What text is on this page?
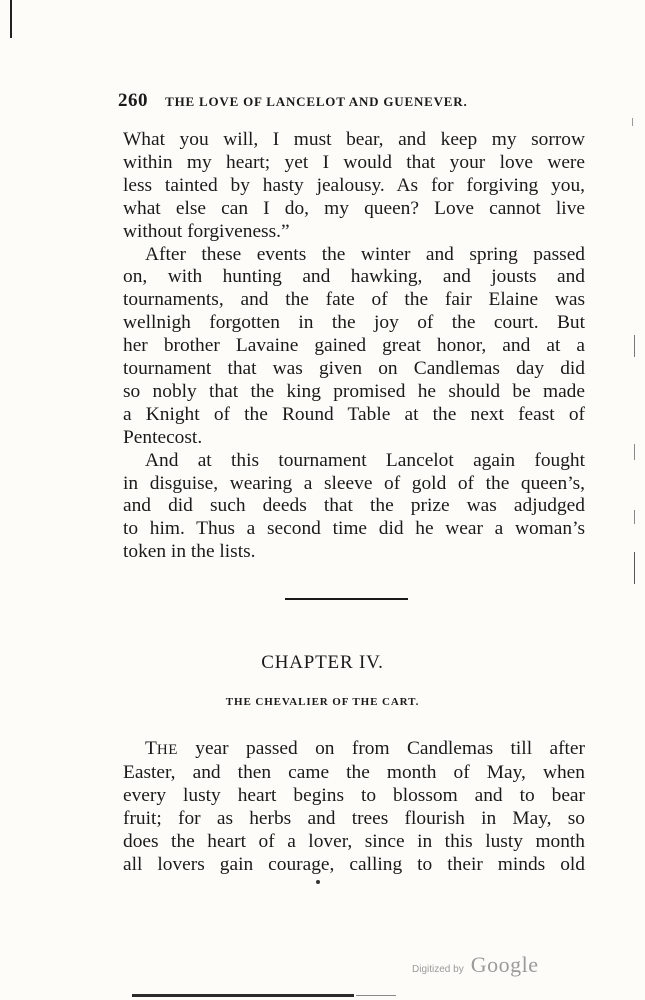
260 THE LOVE OF LANCELOT AND GUENEVER.
What you will, I must bear, and keep my sorrow
within my heart; yet I would that your love were
less tainted by hasty jealousy. As for forgiving you,
what else can I do, my queen? Love cannot live
without forgiveness.”
After these events the winter and spring passed
on, with hunting and hawking, and jousts and
tournaments, and the fate of the fair Elaine was
wellnigh forgotten in the joy of the court. But
her brother Lavaine gained great honor, and at a
tournament that was given on Candlemas day did
so nobly that the king promised he should be made
a Knight of the Round Table at the next feast of
Pentecost.
And at this tournament Lancelot again fought
in disguise, wearing a sleeve of gold of the queen’s,
and did such deeds that the prize was adjudged
to him. Thus a second time did he wear a woman’s
token in the lists.
CHAPTER IV.
THE CHEVALIER OF THE CART.
THE year passed on from Candlemas till after
Easter, and then came the month of May, when
every lusty heart begins to blossom and to bear
fruit; for as herbs and trees flourish in May, so
does the heart of a lover, since in this lusty month
all lovers gain courage, calling to their minds old
Digitized by Google
